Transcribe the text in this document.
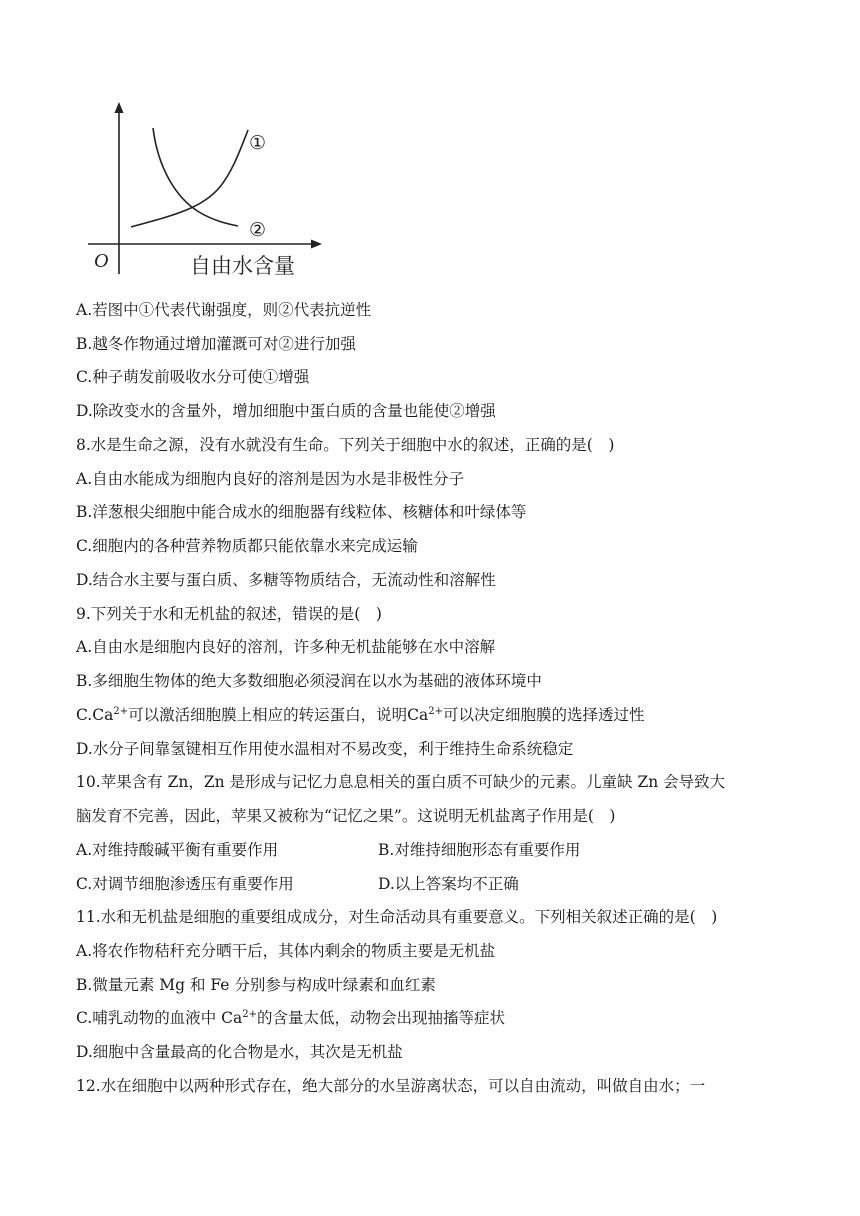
①
②
O	自由水含量
A.若图中①代表代谢强度，则②代表抗逆性
B.越冬作物通过增加灌溉可对②进行加强
C.种子萌发前吸收水分可使①增强
D.除改变水的含量外，增加细胞中蛋白质的含量也能使②增强
8.水是生命之源，没有水就没有生命。下列关于细胞中水的叙述，正确的是(　)
A.自由水能成为细胞内良好的溶剂是因为水是非极性分子
B.洋葱根尖细胞中能合成水的细胞器有线粒体、核糖体和叶绿体等
C.细胞内的各种营养物质都只能依靠水来完成运输
D.结合水主要与蛋白质、多糖等物质结合，无流动性和溶解性
9.下列关于水和无机盐的叙述，错误的是(　)
A.自由水是细胞内良好的溶剂，许多种无机盐能够在水中溶解
B.多细胞生物体的绝大多数细胞必须浸润在以水为基础的液体环境中
$C.Ca^{2+}$可以激活细胞膜上相应的转运蛋白，说明$Ca^{2+}$可以决定细胞膜的选择透过性
D.水分子间靠氢键相互作用使水温相对不易改变，利于维持生命系统稳定
10.苹果含有 Zn，Zn 是形成与记忆力息息相关的蛋白质不可缺少的元素。儿童缺 Zn 会导致大
脑发育不完善，因此，苹果又被称为“记忆之果”。这说明无机盐离子作用是(　)
A.对维持酸碱平衡有重要作用	B.对维持细胞形态有重要作用
C.对调节细胞渗透压有重要作用	D.以上答案均不正确
11.水和无机盐是细胞的重要组成成分，对生命活动具有重要意义。下列相关叙述正确的是(　)
A.将农作物秸秆充分晒干后，其体内剩余的物质主要是无机盐
B.微量元素 Mg 和 Fe 分别参与构成叶绿素和血红素
C.哺乳动物的血液中 $Ca^{2+}$的含量太低，动物会出现抽搐等症状
D.细胞中含量最高的化合物是水，其次是无机盐
12.水在细胞中以两种形式存在，绝大部分的水呈游离状态，可以自由流动，叫做自由水；一
